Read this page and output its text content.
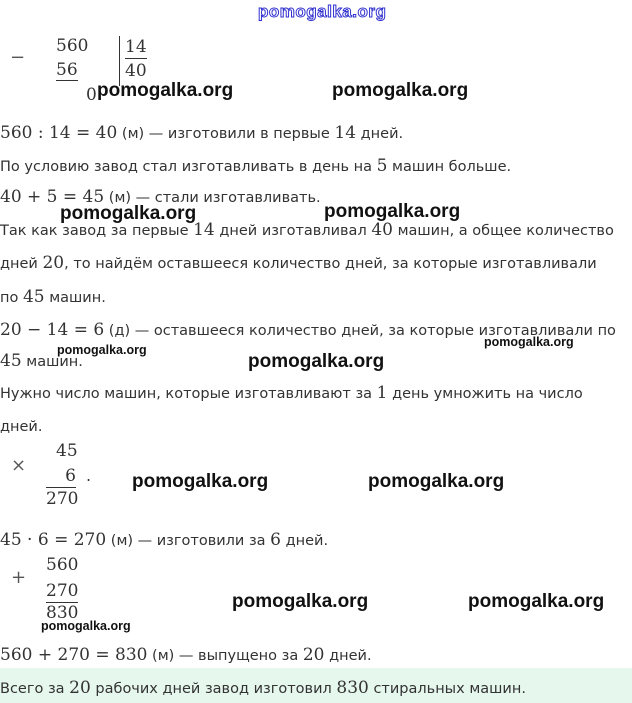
pomogalka.org
−
560
56
0
14
40
×
45
6 .
270
+
560
270
830
560 : 14 = 40 (м) — изготовили в первые 14 дней.
По условию завод стал изготавливать в день на 5 машин больше.
40 + 5 = 45 (м) — стали изготавливать.
Так как завод за первые 14 дней изготавливал 40 машин, а общее количество
дней 20, то найдём оставшееся количество дней, за которые изготавливали
по 45 машин.
20 − 14 = 6 (д) — оставшееся количество дней, за которые изготавливали по
45 машин.
Нужно число машин, которые изготавливают за 1 день умножить на число
дней.
45 · 6 = 270 (м) — изготовили за 6 дней.
560 + 270 = 830 (м) — выпущено за 20 дней.
Всего за 20 рабочих дней завод изготовил 830 стиральных машин.
pomogalka.org	pomogalka.org
pomogalka.org	pomogalka.org
pomogalka.org
pomogalka.org
pomogalka.org
pomogalka.org	pomogalka.org
pomogalka.org	pomogalka.org
pomogalka.org
